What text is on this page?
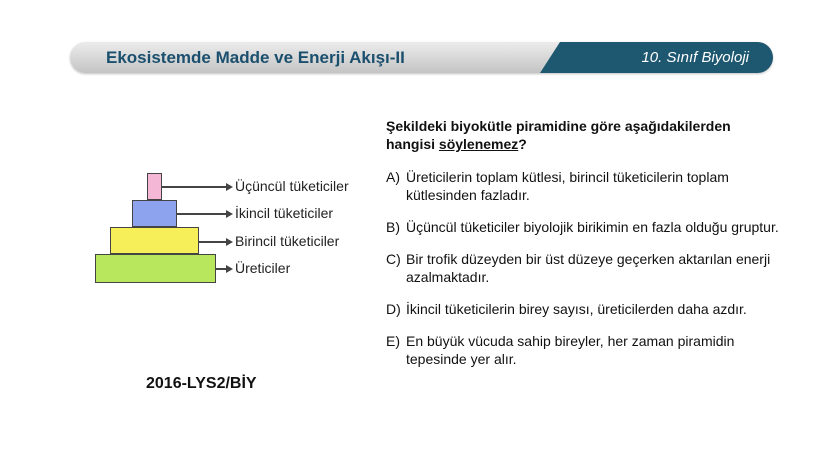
Ekosistemde Madde ve Enerji Akışı-II	10. Sınıf Biyoloji
Üçüncül tüketiciler
İkincil tüketiciler
Birincil tüketiciler
Üreticiler
2016-LYS2/BİY
Şekildeki biyokütle piramidine göre aşağıdakilerden hangisi söylenemez?
A) Üreticilerin toplam kütlesi, birincil tüketicilerin toplam kütlesinden fazladır.
B) Üçüncül tüketiciler biyolojik birikimin en fazla olduğu gruptur.
C) Bir trofik düzeyden bir üst düzeye geçerken aktarılan enerji azalmaktadır.
D) İkincil tüketicilerin birey sayısı, üreticilerden daha azdır.
E) En büyük vücuda sahip bireyler, her zaman piramidin tepesinde yer alır.
